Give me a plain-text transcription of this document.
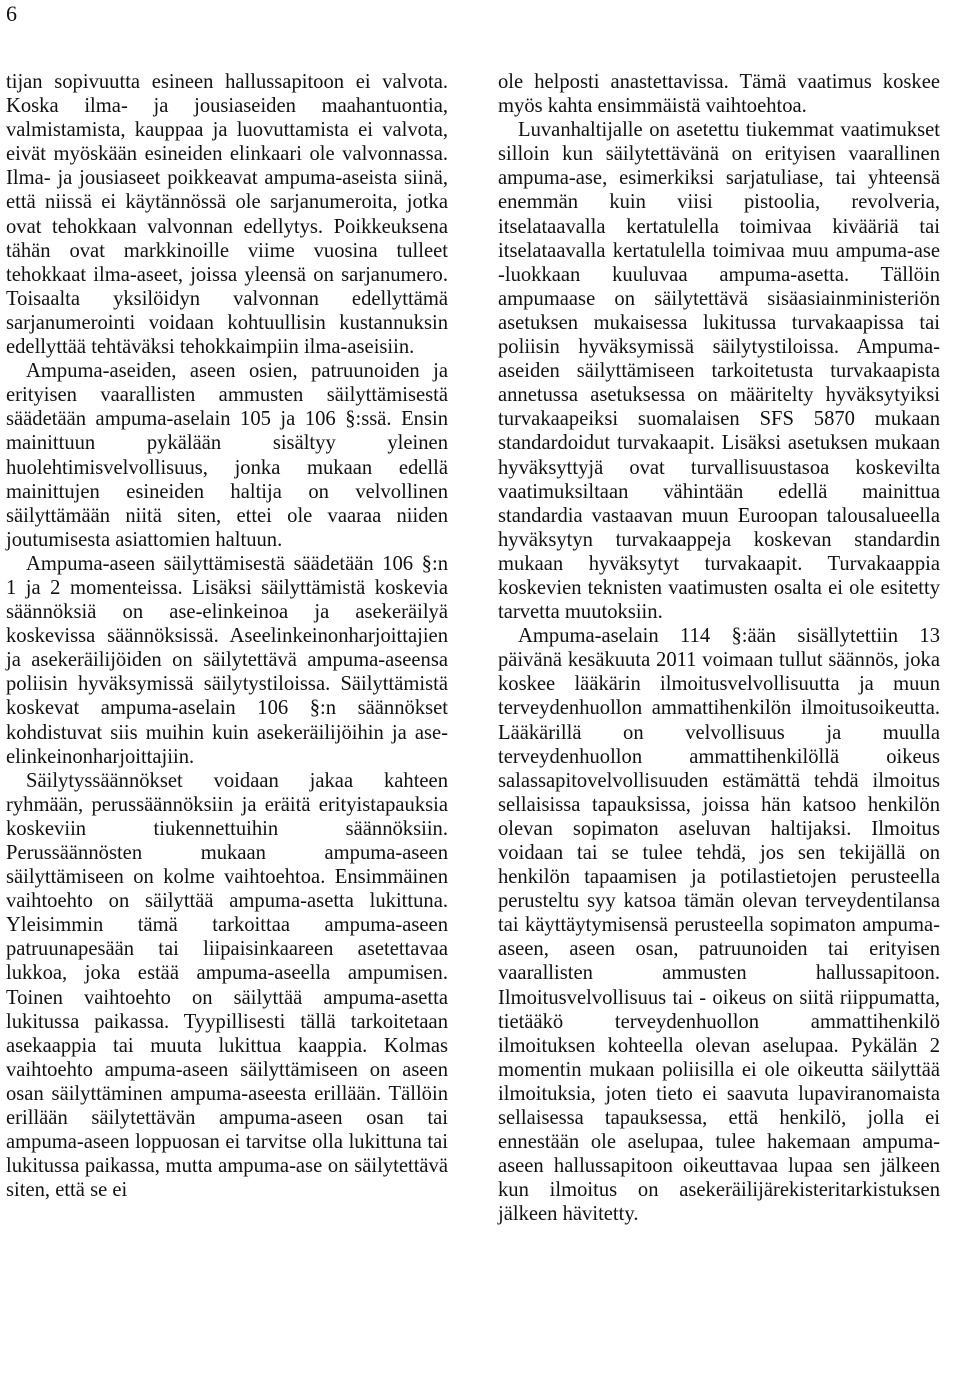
6

tijan sopivuutta esineen hallussapitoon ei valvota. Koska ilma- ja jousiaseiden maahantuontia, valmistamista, kauppaa ja luovuttamista ei valvota, eivät myöskään esineiden elinkaari ole valvonnassa. Ilma- ja jousiaseet poikkeavat ampuma-aseista siinä, että niissä ei käytännössä ole sarjanumeroita, jotka ovat tehokkaan valvonnan edellytys. Poikkeuksena tähän ovat markkinoille viime vuosina tulleet tehokkaat ilma-aseet, joissa yleensä on sarjanumero. Toisaalta yksilöidyn valvonnan edellyttämä sarjanumerointi voidaan kohtuullisin kustannuksin edellyttää tehtäväksi tehokkaimpiin ilma-aseisiin.

Ampuma-aseiden, aseen osien, patruunoiden ja erityisen vaarallisten ammusten säilyttämisestä säädetään ampuma-aselain 105 ja 106 §:ssä. Ensin mainittuun pykälään sisältyy yleinen huolehtimisvelvollisuus, jonka mukaan edellä mainittujen esineiden haltija on velvollinen säilyttämään niitä siten, ettei ole vaaraa niiden joutumisesta asiattomien haltuun.

Ampuma-aseen säilyttämisestä säädetään 106 §:n 1 ja 2 momenteissa. Lisäksi säilyttämistä koskevia säännöksiä on ase-elinkeinoa ja asekeräilyä koskevissa säännöksissä. Aseelinkeinonharjoittajien ja asekeräilijöiden on säilytettävä ampuma-aseensa poliisin hyväksymissä säilytystiloissa. Säilyttämistä koskevat ampuma-aselain 106 §:n säännökset kohdistuvat siis muihin kuin asekeräilijöihin ja ase-elinkeinonharjoittajiin.

Säilytyssäännökset voidaan jakaa kahteen ryhmään, perussäännöksiin ja eräitä erityistapauksia koskeviin tiukennettuihin säännöksiin. Perussäännösten mukaan ampuma-aseen säilyttämiseen on kolme vaihtoehtoa. Ensimmäinen vaihtoehto on säilyttää ampuma-asetta lukittuna. Yleisimmin tämä tarkoittaa ampuma-aseen patruunapesään tai liipaisinkaareen asetettavaa lukkoa, joka estää ampuma-aseella ampumisen. Toinen vaihtoehto on säilyttää ampuma-asetta lukitussa paikassa. Tyypillisesti tällä tarkoitetaan asekaappia tai muuta lukittua kaappia. Kolmas vaihtoehto ampuma-aseen säilyttämiseen on aseen osan säilyttäminen ampuma-aseesta erillään. Tällöin erillään säilytettävän ampuma-aseen osan tai ampuma-aseen loppuosan ei tarvitse olla lukittuna tai lukitussa paikassa, mutta ampuma-ase on säilytettävä siten, että se ei

ole helposti anastettavissa. Tämä vaatimus koskee myös kahta ensimmäistä vaihtoehtoa.

Luvanhaltijalle on asetettu tiukemmat vaatimukset silloin kun säilytettävänä on erityisen vaarallinen ampuma-ase, esimerkiksi sarjatuliase, tai yhteensä enemmän kuin viisi pistoolia, revolveria, itselataavalla kertatulella toimivaa kivääriä tai itselataavalla kertatulella toimivaa muu ampuma-ase -luokkaan kuuluvaa ampuma-asetta. Tällöin ampumaase on säilytettävä sisäasiainministeriön asetuksen mukaisessa lukitussa turvakaapissa tai poliisin hyväksymissä säilytystiloissa. Ampuma-aseiden säilyttämiseen tarkoitetusta turvakaapista annetussa asetuksessa on määritelty hyväksytyiksi turvakaapeiksi suomalaisen SFS 5870 mukaan standardoidut turvakaapit. Lisäksi asetuksen mukaan hyväksyttyjä ovat turvallisuustasoa koskevilta vaatimuksiltaan vähintään edellä mainittua standardia vastaavan muun Euroopan talousalueella hyväksytyn turvakaappeja koskevan standardin mukaan hyväksytyt turvakaapit. Turvakaappia koskevien teknisten vaatimusten osalta ei ole esitetty tarvetta muutoksiin.

Ampuma-aselain 114 §:ään sisällytettiin 13 päivänä kesäkuuta 2011 voimaan tullut säännös, joka koskee lääkärin ilmoitusvelvollisuutta ja muun terveydenhuollon ammattihenkilön ilmoitusoikeutta. Lääkärillä on velvollisuus ja muulla terveydenhuollon ammattihenkilöllä oikeus salassapitovelvollisuuden estämättä tehdä ilmoitus sellaisissa tapauksissa, joissa hän katsoo henkilön olevan sopimaton aseluvan haltijaksi. Ilmoitus voidaan tai se tulee tehdä, jos sen tekijällä on henkilön tapaamisen ja potilastietojen perusteella perusteltu syy katsoa tämän olevan terveydentilansa tai käyttäytymisensä perusteella sopimaton ampuma-aseen, aseen osan, patruunoiden tai erityisen vaarallisten ammusten hallussapitoon. Ilmoitusvelvollisuus tai - oikeus on siitä riippumatta, tietääkö terveydenhuollon ammattihenkilö ilmoituksen kohteella olevan aselupaa. Pykälän 2 momentin mukaan poliisilla ei ole oikeutta säilyttää ilmoituksia, joten tieto ei saavuta lupaviranomaista sellaisessa tapauksessa, että henkilö, jolla ei ennestään ole aselupaa, tulee hakemaan ampuma-aseen hallussapitoon oikeuttavaa lupaa sen jälkeen kun ilmoitus on asekeräilijärekisteritarkistuksen jälkeen hävitetty.
